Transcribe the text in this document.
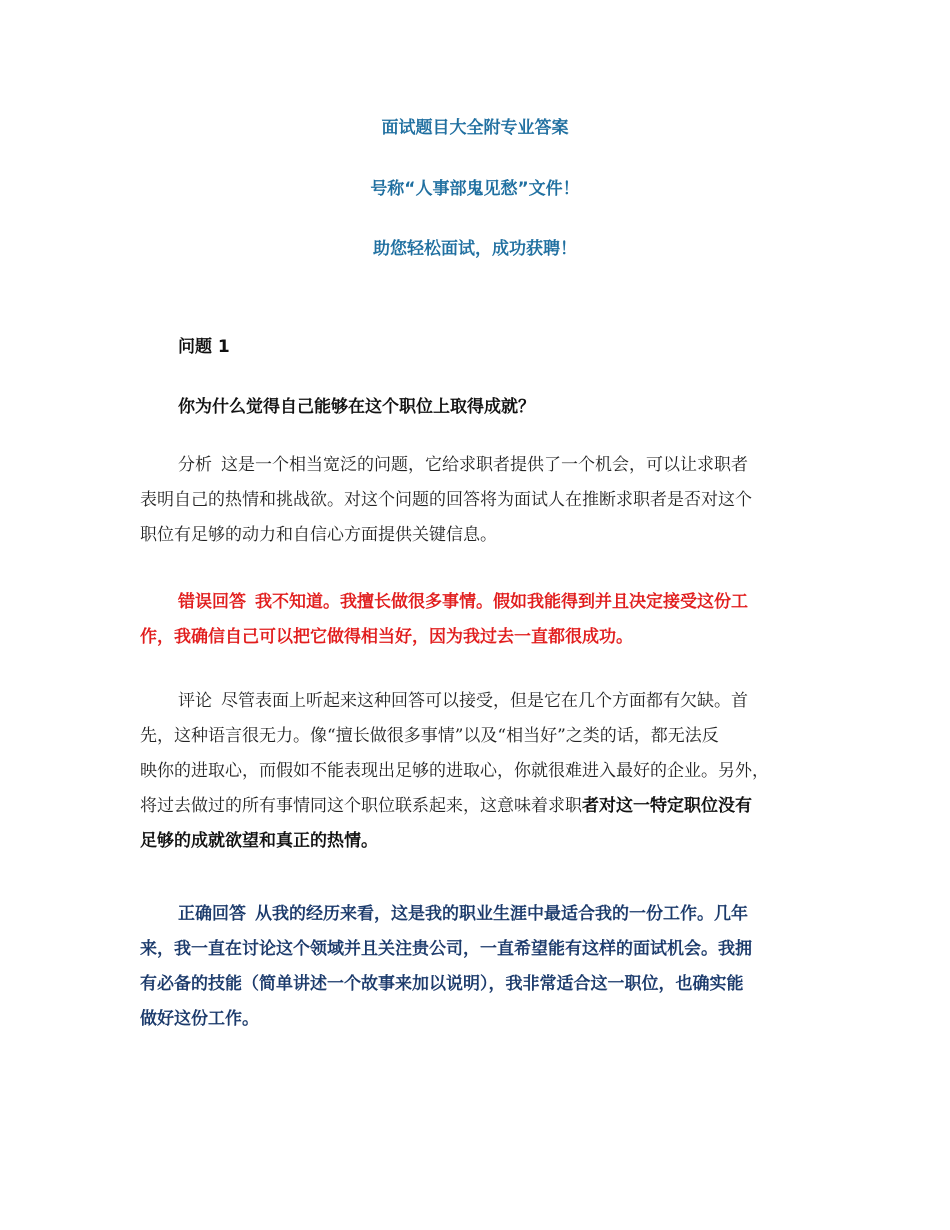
面试题目大全附专业答案
号称“人事部鬼见愁”文件！
助您轻松面试，成功获聘！
问题 1
你为什么觉得自己能够在这个职位上取得成就？
分析 这是一个相当宽泛的问题，它给求职者提供了一个机会，可以让求职者
表明自己的热情和挑战欲。对这个问题的回答将为面试人在推断求职者是否对这个
职位有足够的动力和自信心方面提供关键信息。
错误回答 我不知道。我擅长做很多事情。假如我能得到并且决定接受这份工
作，我确信自己可以把它做得相当好，因为我过去一直都很成功。
评论 尽管表面上听起来这种回答可以接受，但是它在几个方面都有欠缺。首
先，这种语言很无力。像“擅长做很多事情”以及“相当好”之类的话，都无法反
映你的进取心，而假如不能表现出足够的进取心，你就很难进入最好的企业。另外，
将过去做过的所有事情同这个职位联系起来，这意味着求职者对这一特定职位没有
足够的成就欲望和真正的热情。
正确回答 从我的经历来看，这是我的职业生涯中最适合我的一份工作。几年
来，我一直在讨论这个领域并且关注贵公司，一直希望能有这样的面试机会。我拥
有必备的技能（简单讲述一个故事来加以说明），我非常适合这一职位，也确实能
做好这份工作。
